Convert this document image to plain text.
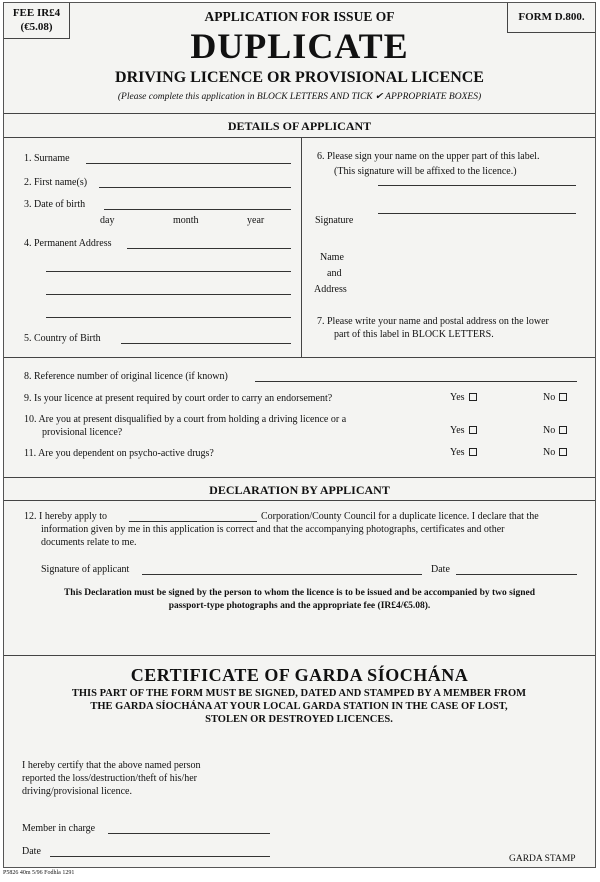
FEE IR£4
(€5.08)
FORM D.800.
APPLICATION FOR ISSUE OF
DUPLICATE
DRIVING LICENCE OR PROVISIONAL LICENCE
(Please complete this application in BLOCK LETTERS AND TICK ✔ APPROPRIATE BOXES)
DETAILS OF APPLICANT
1. Surname
2. First name(s)
3. Date of birth
day	month	year
4. Permanent Address
5. Country of Birth
6. Please sign your name on the upper part of this label.
(This signature will be affixed to the licence.)
Signature
Name
and
Address
7. Please write your name and postal address on the lower
part of this label in BLOCK LETTERS.
8. Reference number of original licence (if known)
9. Is your licence at present required by court order to carry an endorsement?	Yes	No
10. Are you at present disqualified by a court from holding a driving licence or a
provisional licence?	Yes	No
11. Are you dependent on psycho-active drugs?	Yes	No
DECLARATION BY APPLICANT
12. I hereby apply to	Corporation/County Council for a duplicate licence. I declare that the
information given by me in this application is correct and that the accompanying photographs, certificates and other
documents relate to me.
Signature of applicant	Date
This Declaration must be signed by the person to whom the licence is to be issued and be accompanied by two signed
passport-type photographs and the appropriate fee (IR£4/€5.08).
CERTIFICATE OF GARDA SÍOCHÁNA
THIS PART OF THE FORM MUST BE SIGNED, DATED AND STAMPED BY A MEMBER FROM
THE GARDA SÍOCHÁNA AT YOUR LOCAL GARDA STATION IN THE CASE OF LOST,
STOLEN OR DESTROYED LICENCES.
I hereby certify that the above named person
reported the loss/destruction/theft of his/her
driving/provisional licence.
Member in charge
Date
GARDA STAMP
P5826 40m 5/96 Fodhla 1291
